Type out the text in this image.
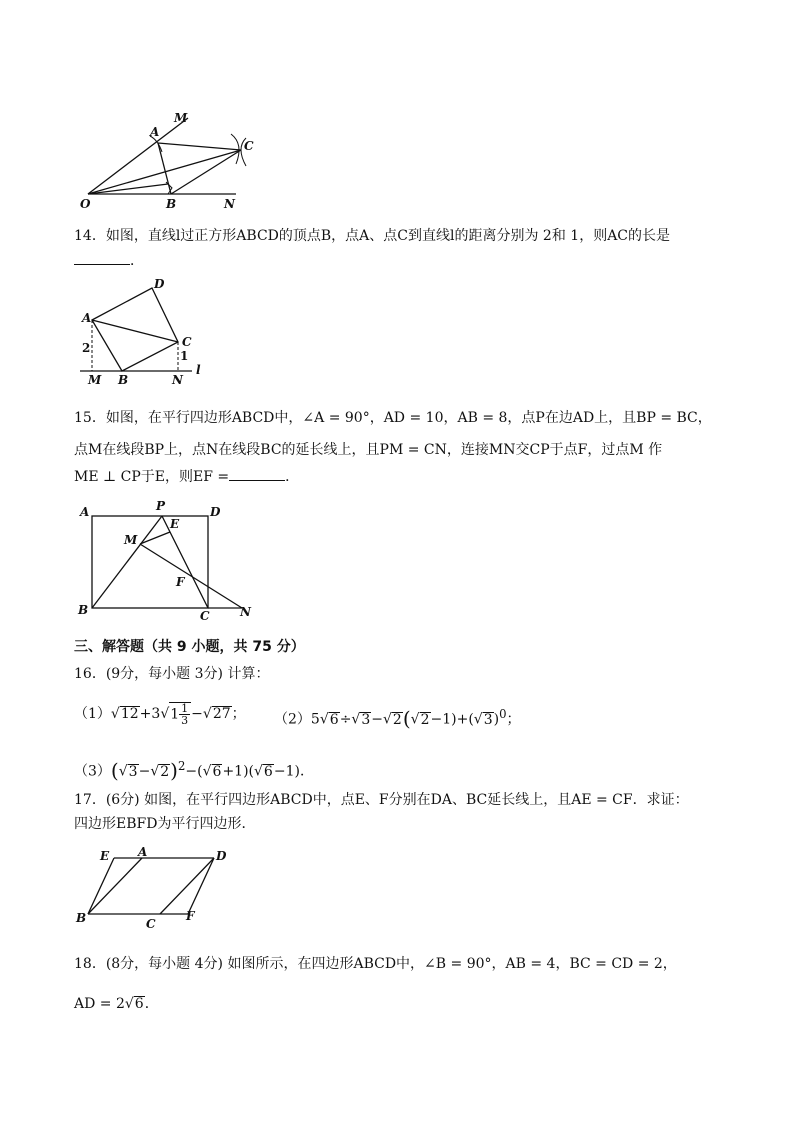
M
A
C
O	B	N
14．如图，直线l过正方形ABCD的顶点B，点A、点C到直线l的距离分别为 2和 1，则AC的长是
．
A
D
C
2
1
M B	N
l
15．如图，在平行四边形ABCD中，∠A = 90°，AD = 10，AB = 8，点P在边AD上，且BP = BC，
点M在线段BP上，点N在线段BC的延长线上，且PM = CN，连接MN交CP于点F，过点M 作
ME ⊥ CP于E，则EF =	．
A	P	D
E
M
F
B	C	N
三、解答题（共 9 小题，共 75 分）
16．(9分，每小题 3分) 计算：
$(1)√12+3√1 \frac{1}{3} -√27$； $(2)5√6\div√3-√2(√2-1)+(√3)^0$；
$(3)(√3-√2)^2-(√6+1)(√6-1)$．
17．(6分) 如图，在平行四边形ABCD中，点E、F分别在DA、BC延长线上，且AE = CF．求证：
四边形EBFD为平行四边形．
E A	D
B	C
F
18．(8分，每小题 4分) 如图所示，在四边形ABCD中，∠B = 90°，AB = 4，BC = CD = 2，
AD = 2√6．
